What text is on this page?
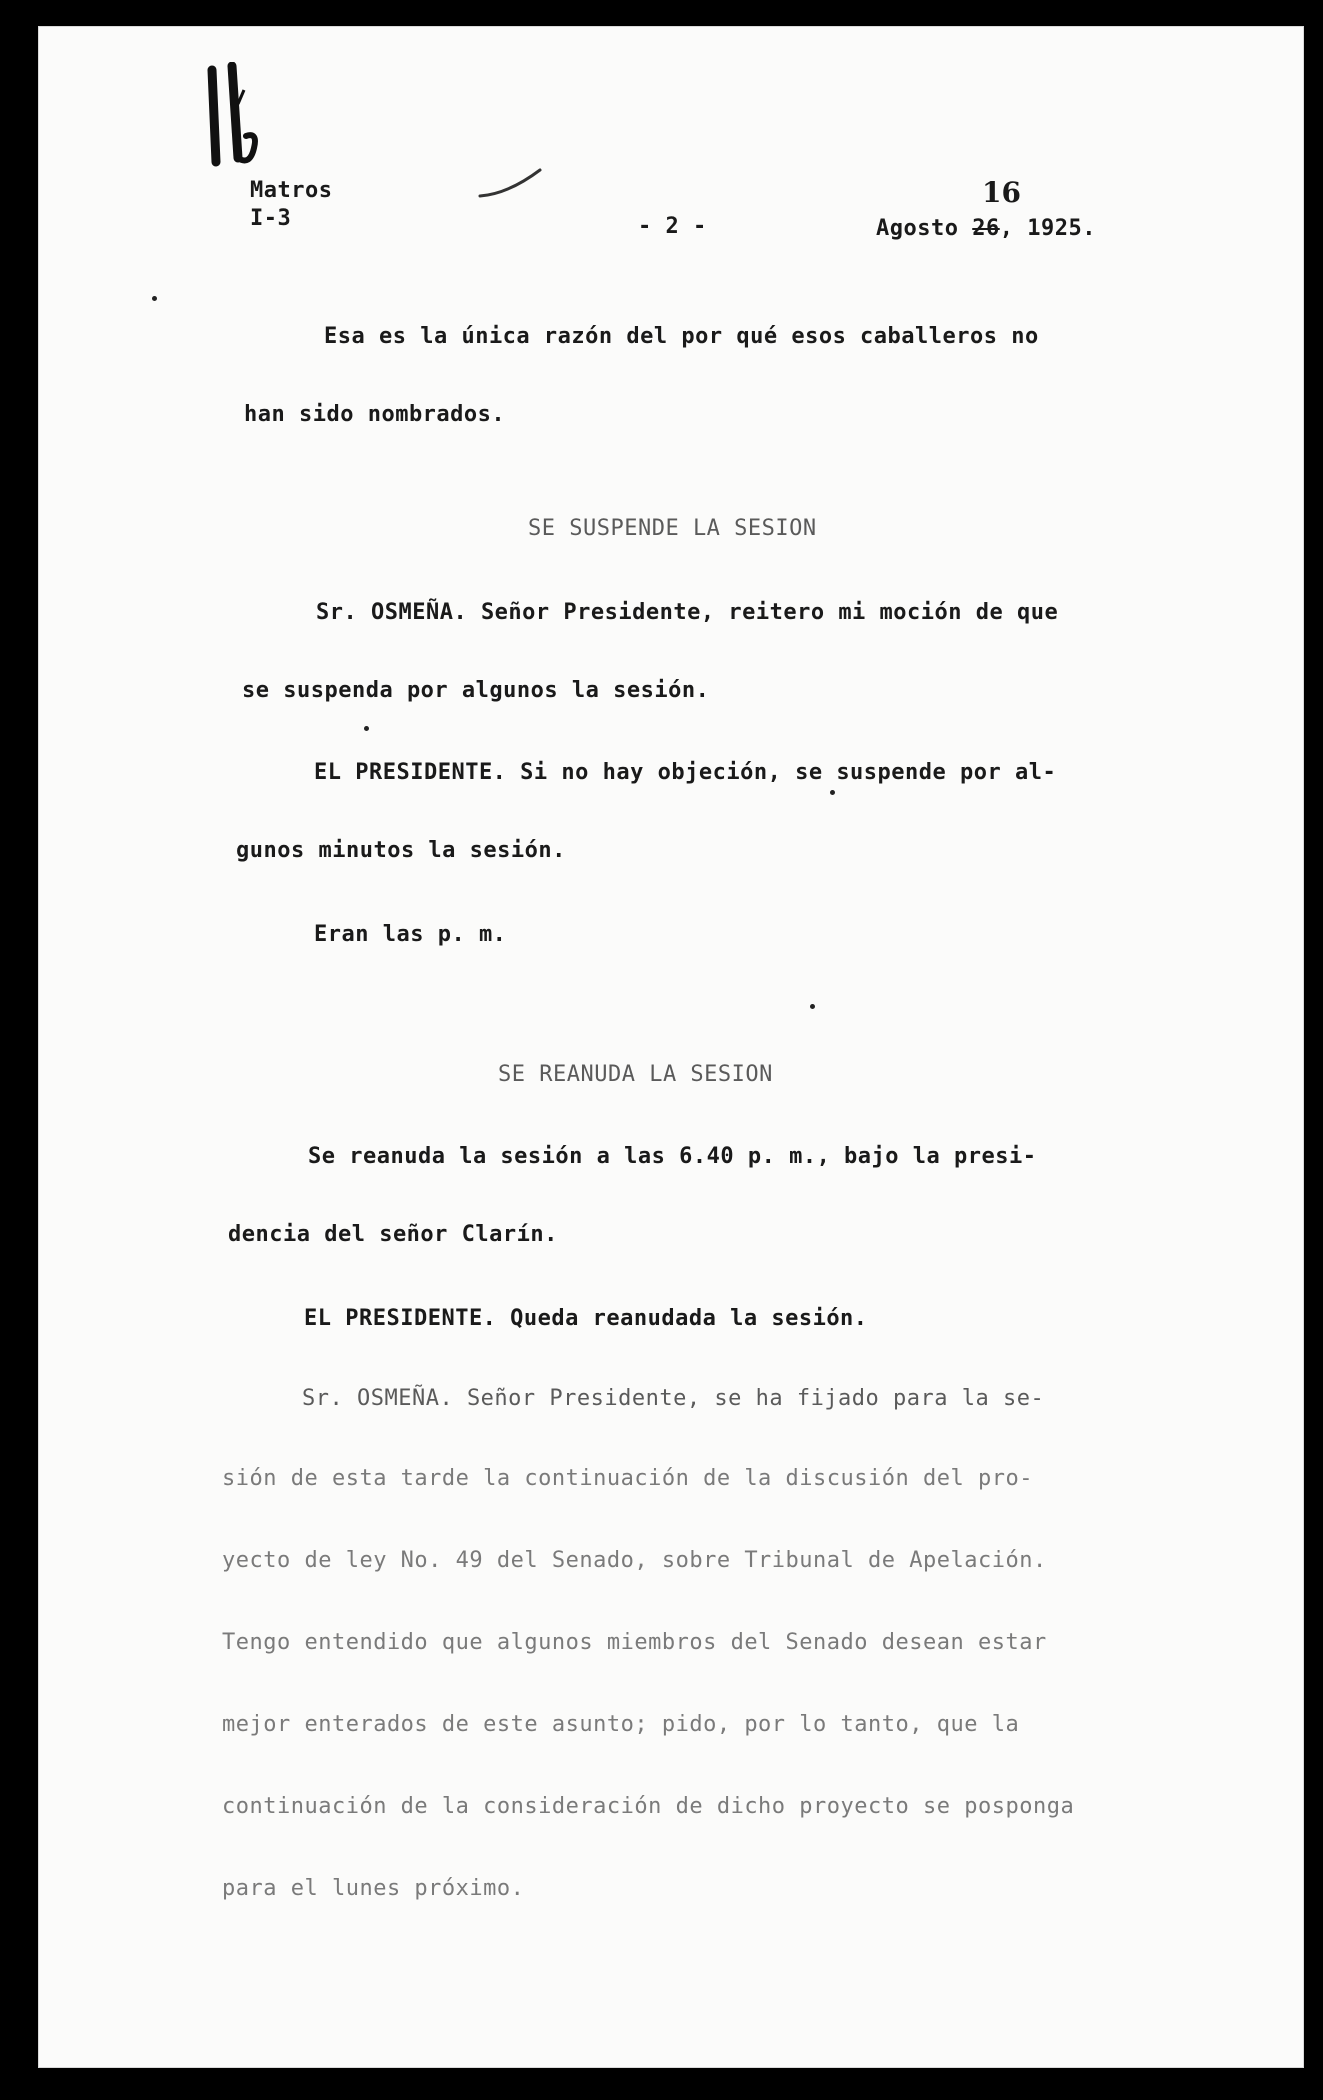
Matros
I-3	- 2 -	Agosto 26, 1925.
16
Esa es la única razón del por qué esos caballeros no
han sido nombrados.
SE SUSPENDE LA SESION
Sr. OSMEÑA. Señor Presidente, reitero mi moción de que
se suspenda por algunos la sesión.
EL PRESIDENTE. Si no hay objeción, se suspende por al-
gunos minutos la sesión.
Eran las p. m.
SE REANUDA LA SESION
Se reanuda la sesión a las 6.40 p. m., bajo la presi-
dencia del señor Clarín.
EL PRESIDENTE. Queda reanudada la sesión.
Sr. OSMEÑA. Señor Presidente, se ha fijado para la se-
sión de esta tarde la continuación de la discusión del pro-
yecto de ley No. 49 del Senado, sobre Tribunal de Apelación.
Tengo entendido que algunos miembros del Senado desean estar
mejor enterados de este asunto; pido, por lo tanto, que la
continuación de la consideración de dicho proyecto se posponga
para el lunes próximo.
